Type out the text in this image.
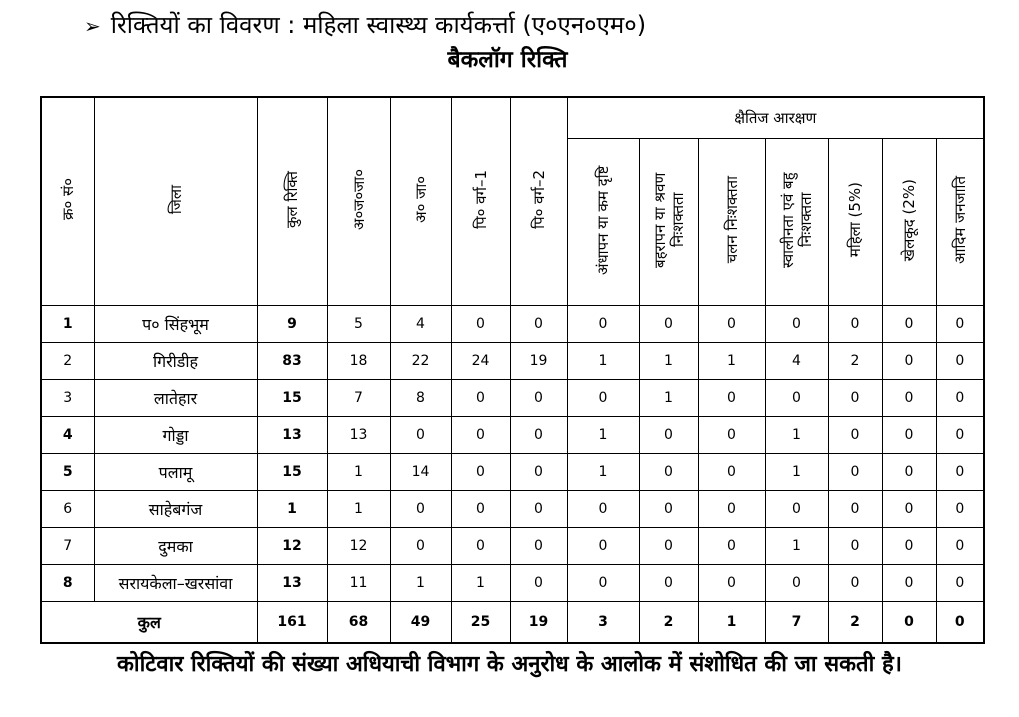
➢ रिक्तियों का विवरण : महिला स्वास्थ्य कार्यकर्त्ता (ए०एन०एम०)
बैकलॉग रिक्ति
क्र० सं०	जिला	कुल रिक्ति	अ०ज०जा०	अ० जा०	पि० वर्ग–1	पि० वर्ग–2	क्षैतिज आरक्षण						
							अंधापन या कम दृष्टि	बहरापन या श्रवण निःशक्तता	चलन निःशक्तता	स्वालीनता एवं बहु निःशक्तता	महिला (5%)	खेलकूद (2%)	आदिम जनजाति
1	प० सिंहभूम	9	5	4	0	0	0	0	0	0	0	0	0
2	गिरीडीह	83	18	22	24	19	1	1	1	4	2	0	0
3	लातेहार	15	7	8	0	0	0	1	0	0	0	0	0
4	गोड्डा	13	13	0	0	0	1	0	0	1	0	0	0
5	पलामू	15	1	14	0	0	1	0	0	1	0	0	0
6	साहेबगंज	1	1	0	0	0	0	0	0	0	0	0	0
7	दुमका	12	12	0	0	0	0	0	0	1	0	0	0
8	सरायकेला–खरसांवा	13	11	1	1	0	0	0	0	0	0	0	0
कुल		161	68	49	25	19	3	2	1	7	2	0	0
कोटिवार रिक्तियों की संख्या अधियाची विभाग के अनुरोध के आलोक में संशोधित की जा सकती है।
